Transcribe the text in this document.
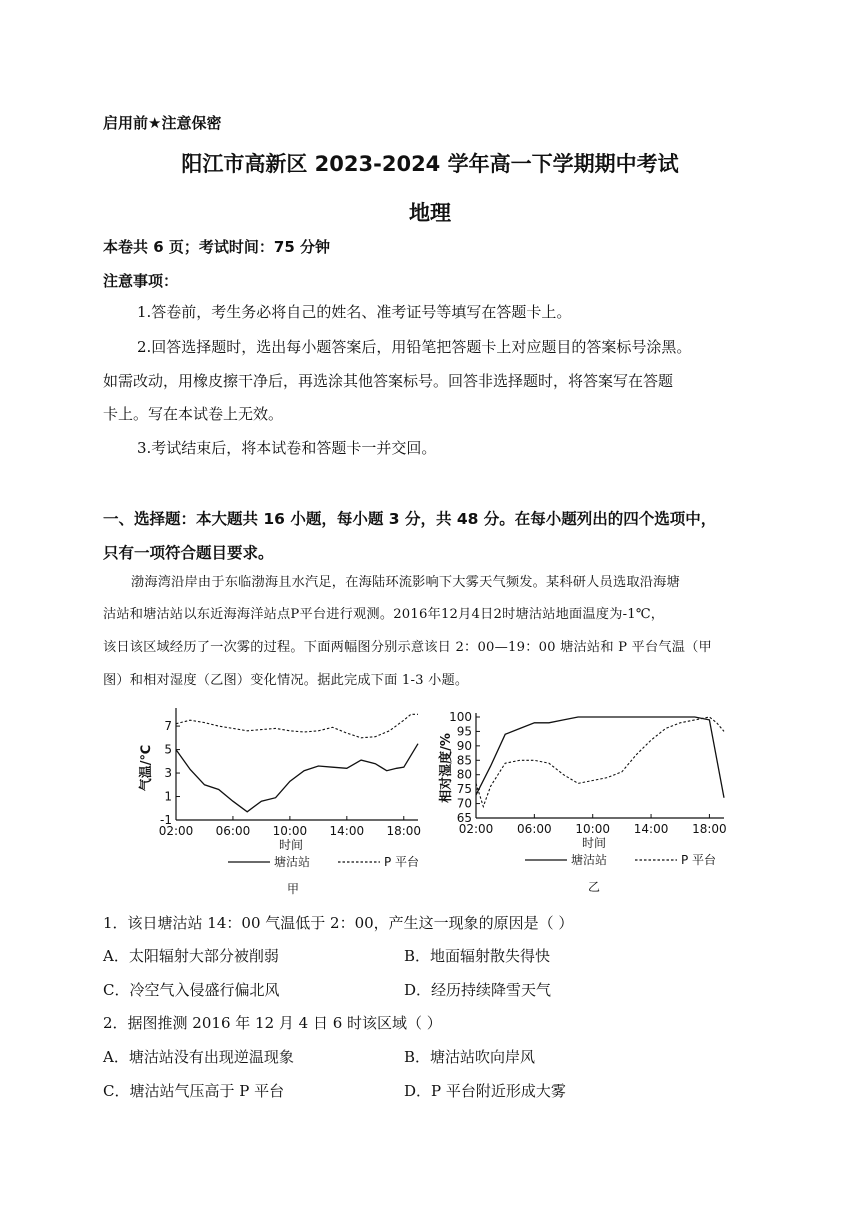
启用前★注意保密
阳江市高新区 2023-2024 学年高一下学期期中考试
地理
本卷共 6 页；考试时间：75 分钟
注意事项：
1.答卷前，考生务必将自己的姓名、准考证号等填写在答题卡上。
2.回答选择题时，选出每小题答案后，用铅笔把答题卡上对应题目的答案标号涂黑。
如需改动，用橡皮擦干净后，再选涂其他答案标号。回答非选择题时，将答案写在答题
卡上。写在本试卷上无效。
3.考试结束后，将本试卷和答题卡一并交回。
一、选择题：本大题共 16 小题，每小题 3 分，共 48 分。在每小题列出的四个选项中，
只有一项符合题目要求。
渤海湾沿岸由于东临渤海且水汽足，在海陆环流影响下大雾天气频发。某科研人员选取沿海塘
沽站和塘沽站以东近海海洋站点P平台进行观测。2016年12月4日2时塘沽站地面温度为-1℃，
该日该区域经历了一次雾的过程。下面两幅图分别示意该日 2：00—19：00 塘沽站和 P 平台气温（甲
图）和相对湿度（乙图）变化情况。据此完成下面 1-3 小题。
-1
1
3
5
7
02:00 06:00 10:00 14:00 18:00
时间
气温/℃
塘沽站	P 平台
甲
65
70
75
80
85
90
95
100
02:00 06:00 10:00 14:00 18:00
时间
相对湿度/%
塘沽站	P 平台
乙
1．该日塘沽站 14：00 气温低于 2：00，产生这一现象的原因是（ ）
A．太阳辐射大部分被削弱	B．地面辐射散失得快
C．冷空气入侵盛行偏北风	D．经历持续降雪天气
2．据图推测 2016 年 12 月 4 日 6 时该区域（ ）
A．塘沽站没有出现逆温现象	B．塘沽站吹向岸风
C．塘沽站气压高于 P 平台	D．P 平台附近形成大雾
